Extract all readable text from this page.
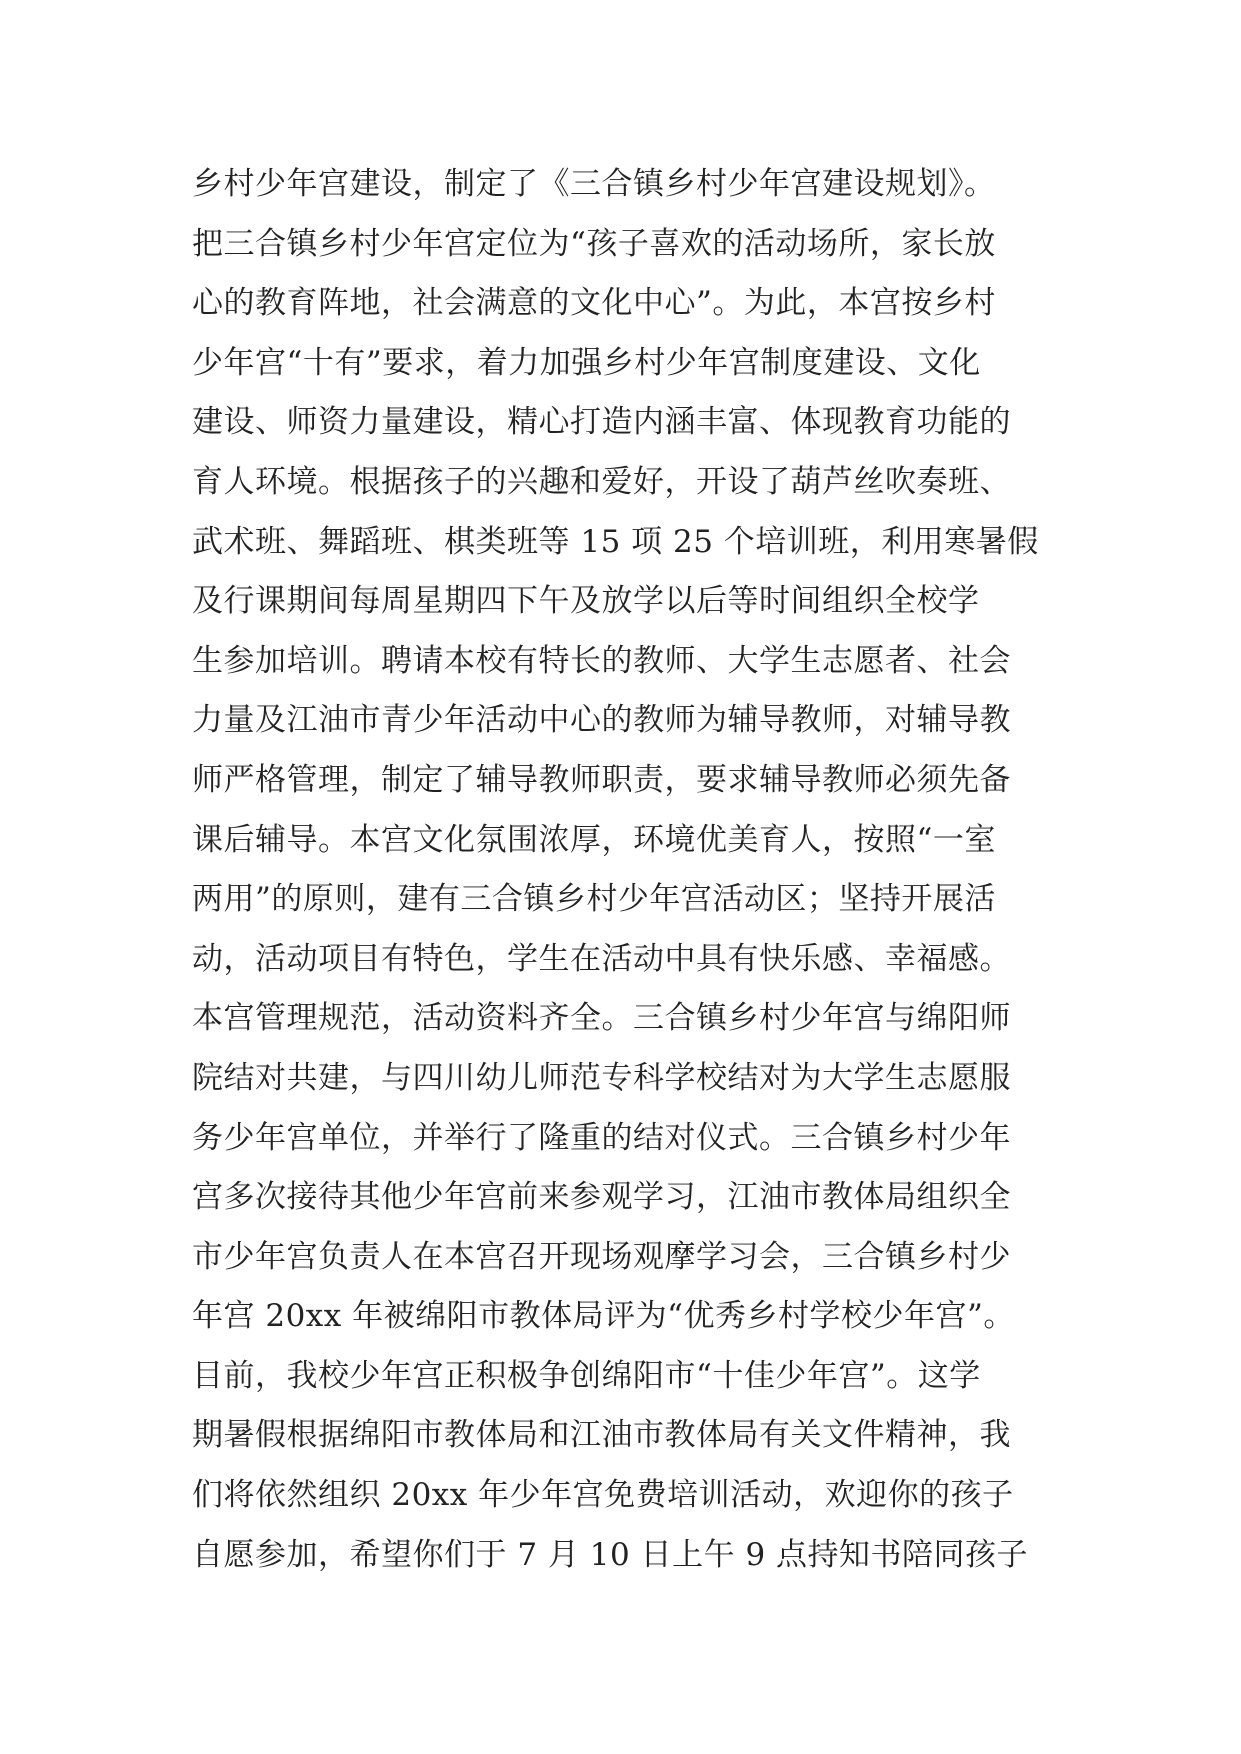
乡村少年宫建设，制定了《三合镇乡村少年宫建设规划》。
把三合镇乡村少年宫定位为“孩子喜欢的活动场所，家长放
心的教育阵地，社会满意的文化中心”。为此，本宫按乡村
少年宫“十有”要求，着力加强乡村少年宫制度建设、文化
建设、师资力量建设，精心打造内涵丰富、体现教育功能的
育人环境。根据孩子的兴趣和爱好，开设了葫芦丝吹奏班、
武术班、舞蹈班、棋类班等 15 项 25 个培训班，利用寒暑假
及行课期间每周星期四下午及放学以后等时间组织全校学
生参加培训。聘请本校有特长的教师、大学生志愿者、社会
力量及江油市青少年活动中心的教师为辅导教师，对辅导教
师严格管理，制定了辅导教师职责，要求辅导教师必须先备
课后辅导。本宫文化氛围浓厚，环境优美育人，按照“一室
两用”的原则，建有三合镇乡村少年宫活动区；坚持开展活
动，活动项目有特色，学生在活动中具有快乐感、幸福感。
本宫管理规范，活动资料齐全。三合镇乡村少年宫与绵阳师
院结对共建，与四川幼儿师范专科学校结对为大学生志愿服
务少年宫单位，并举行了隆重的结对仪式。三合镇乡村少年
宫多次接待其他少年宫前来参观学习，江油市教体局组织全
市少年宫负责人在本宫召开现场观摩学习会，三合镇乡村少
年宫 20xx 年被绵阳市教体局评为“优秀乡村学校少年宫”。
目前，我校少年宫正积极争创绵阳市“十佳少年宫”。这学
期暑假根据绵阳市教体局和江油市教体局有关文件精神，我
们将依然组织 20xx 年少年宫免费培训活动，欢迎你的孩子
自愿参加，希望你们于 7 月 10 日上午 9 点持知书陪同孩子
